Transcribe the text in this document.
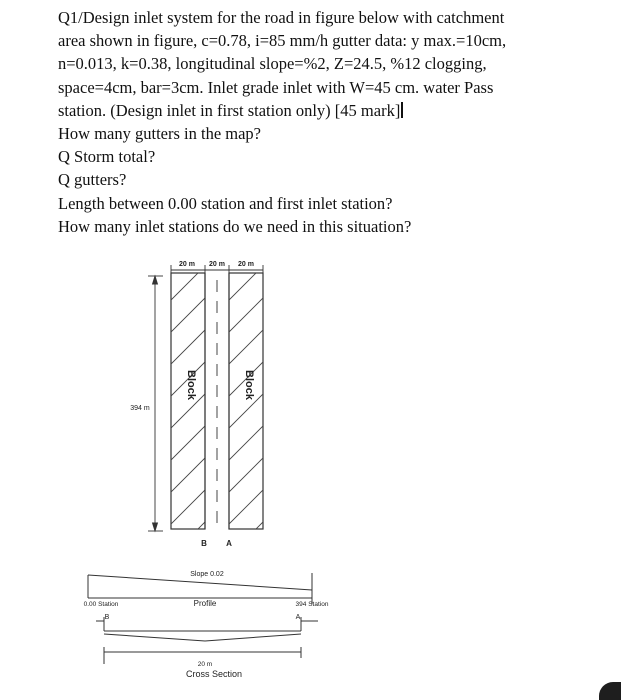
Q1/Design inlet system for the road in figure below with catchment

area shown in figure, c=0.78, i=85 mm/h gutter data: y max.=10cm,

n=0.013, k=0.38, longitudinal slope=%2, Z=24.5, %12 clogging,

space=4cm, bar=3cm. Inlet grade inlet with W=45 cm. water Pass

station. (Design inlet in first station only) [45 mark]

How many gutters in the map?

Q Storm total?

Q gutters?

Length between 0.00 station and first inlet station?

How many inlet stations do we need in this situation?

20 m 20 m 20 m
394 m
Block	Block
B A
Slope 0.02
Profile
0.00 Station	394 Station
B	A
20 m
Cross Section
